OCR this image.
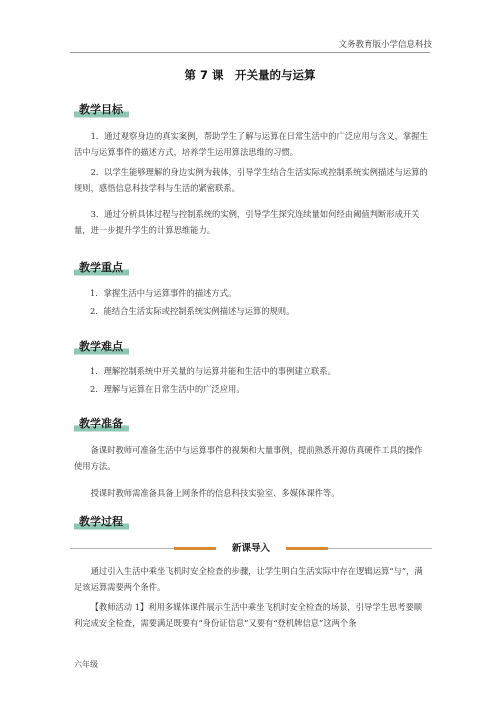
文务教育版小学信息科技
第 7 课　开关量的与运算
教学目标

1．通过观察身边的真实案例，帮助学生了解与运算在日常生活中的广泛应用与含义，掌握生活中与运算事件的描述方式，培养学生运用算法思维的习惯。

2．以学生能够理解的身边实例为载体，引导学生结合生活实际或控制系统实例描述与运算的规则，感悟信息科技学科与生活的紧密联系。

3．通过分析具体过程与控制系统的实例，引导学生探究连续量如何经由阈值判断形成开关量，进一步提升学生的计算思维能力。

教学重点

1．掌握生活中与运算事件的描述方式。

2．能结合生活实际或控制系统实例描述与运算的规则。

教学难点

1．理解控制系统中开关量的与运算并能和生活中的事例建立联系。

2．理解与运算在日常生活中的广泛应用。

教学准备

备课时教师可准备生活中与运算事件的视频和大量事例，提前熟悉开源仿真硬件工具的操作使用方法。

授课时教师需准备具备上网条件的信息科技实验室、多媒体课件等。

教学过程
新课导入

通过引入生活中乘坐飞机时安全检查的步骤，让学生明白生活实际中存在逻辑运算“与”，满足该运算需要两个条件。

【教师活动 1】利用多媒体课件展示生活中乘坐飞机时安全检查的场景，引导学生思考要顺利完成安全检查，需要满足既要有“身份证信息”又要有“登机牌信息”这两个条

六年级
